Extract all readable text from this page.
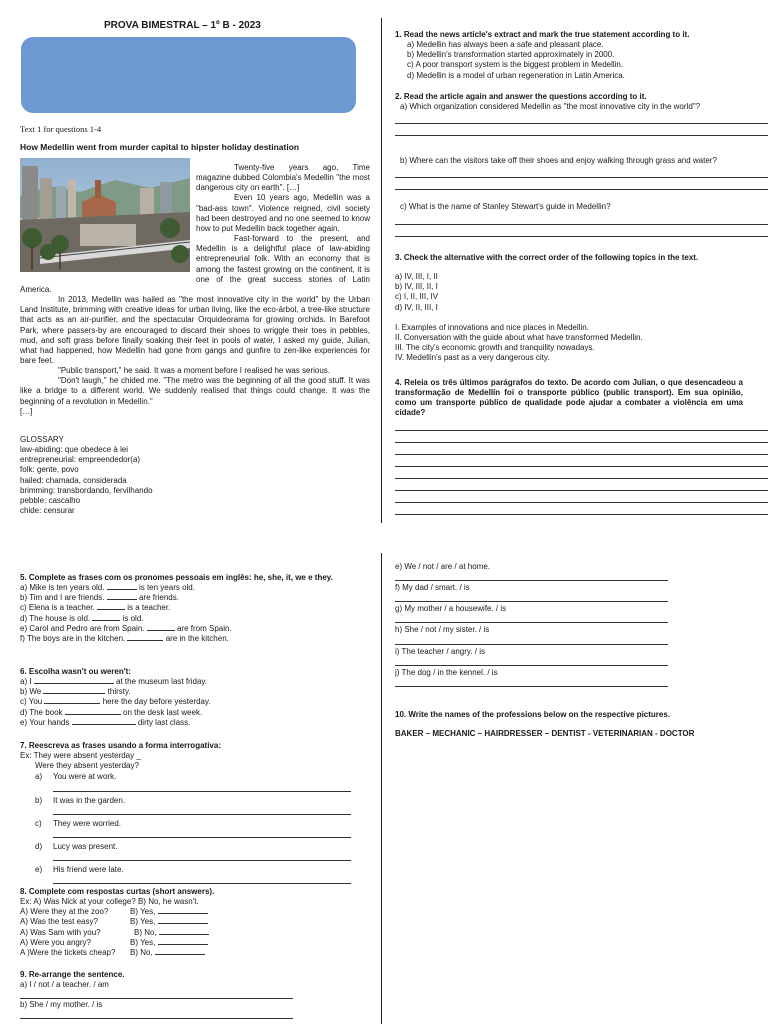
PROVA BIMESTRAL – 1º B - 2023
Text 1 for questions 1-4
How Medellin went from murder capital to hipster holiday destination

Twenty-five years ago, Time magazine dubbed Colombia's Medellin "the most dangerous city on earth". […]

Even 10 years ago, Medellin was a "bad-ass town". Violence reigned, civil society had been destroyed and no one seemed to know how to put Medellin back together again.

Fast-forward to the present, and Medellin is a delightful place of law-abiding entrepreneurial folk. With an economy that is among the fastest growing on the continent, it is one of the great success stories of Latin America.

In 2013, Medellin was hailed as "the most innovative city in the world" by the Urban Land Institute, brimming with creative ideas for urban living, like the eco-árbol, a tree-like structure that acts as an air-purifier, and the spectacular Orquideorama for growing orchids. In Barefoot Park, where passers-by are encouraged to discard their shoes to wriggle their toes in pebbles, mud, and soft grass before finally soaking their feet in pools of water, I asked my guide, Julian, what had happened, how Medellin had gone from gangs and gunfire to zen-like experiences for bare feet.

"Public transport," he said. It was a moment before I realised he was serious.

"Don't laugh," he chided me. "The metro was the beginning of all the good stuff. It was like a bridge to a different world. We suddenly realised that things could change. It was the beginning of a revolution in Medellin."

[…]

GLOSSARY

law-abiding: que obedece à lei

entrepreneurial: empreendedor(a)

folk: gente, povo

hailed: chamada, considerada

brimming: transbordando, fervilhando

pebble: cascalho

chide: censurar

1. Read the news article's extract and mark the true statement according to it.

a) Medellin has always been a safe and pleasant place.

b) Medellin's transformation started approximately in 2000.

c) A poor transport system is the biggest problem in Medellin.

d) Medellin is a model of urban regeneration in Latin America.

2. Read the article again and answer the questions according to it.

a) Which organization considered Medellin as "the most innovative city in the world"?

b) Where can the visitors take off their shoes and enjoy walking through grass and water?

c) What is the name of Stanley Stewart's guide in Medellin?

3. Check the alternative with the correct order of the following topics in the text.

a) IV, III, I, II

b) IV, III, II, I

c) I, II, III, IV

d) IV, II, III, I

I. Examples of innovations and nice places in Medellin.

II. Conversation with the guide about what have transformed Medellin.

III. The city's economic growth and tranquility nowadays.

IV. Medellin's past as a very dangerous city.

4. Releia os três últimos parágrafos do texto. De acordo com Julian, o que desencadeou a transformação de Medellín foi o transporte público (public transport). Em sua opinião, como um transporte público de qualidade pode ajudar a combater a violência em uma cidade?

5. Complete as frases com os pronomes pessoais em inglês: he, she, it, we e they.

a) Mike is ten years old.	is ten years old.

b) Tim and I are friends.	are friends.

c) Elena is a teacher.	is a teacher.

d) The house is old.	is old.

e) Carol and Pedro are from Spain.	are from Spain.

f) The boys are in the kitchen.	are in the kitchen.

6. Escolha wasn't ou weren't:

a) I	at the museum last friday.

b) We	thirsty.

c) You	here the day before yesterday.

d) The book	on the desk last week.

e) Your hands	dirty last class.

7. Reescreva as frases usando a forma interrogativa:

Ex: They were absent yesterday _

Were they absent yesterday?

a)	You were at work.

b)	It was in the garden.

c)	They were worried.

d)	Lucy was present.

e)	His friend were late.

8. Complete com respostas curtas (short answers).

Ex: A) Was Nick at your college? B) No, he wasn't.

A) Were they at the zoo?	B) Yes,

A) Was the test easy?	B) Yes,

A) Was Sam with you?	B) No,

A) Were you angry?	B) Yes,

A )Were the tickets cheap? B) No,

9. Re-arrange the sentence.

a) I / not / a teacher. / am

b) She / my mother. / is

e) We / not / are / at home.

f) My dad / smart. / is

g) My mother / a housewife. / is

h) She / not / my sister. / is

i) The teacher / angry. / is

j) The dog / in the kennel. / is

10. Write the names of the professions below on the respective pictures.
BAKER – MECHANIC – HAIRDRESSER – DENTIST - VETERINARIAN - DOCTOR
